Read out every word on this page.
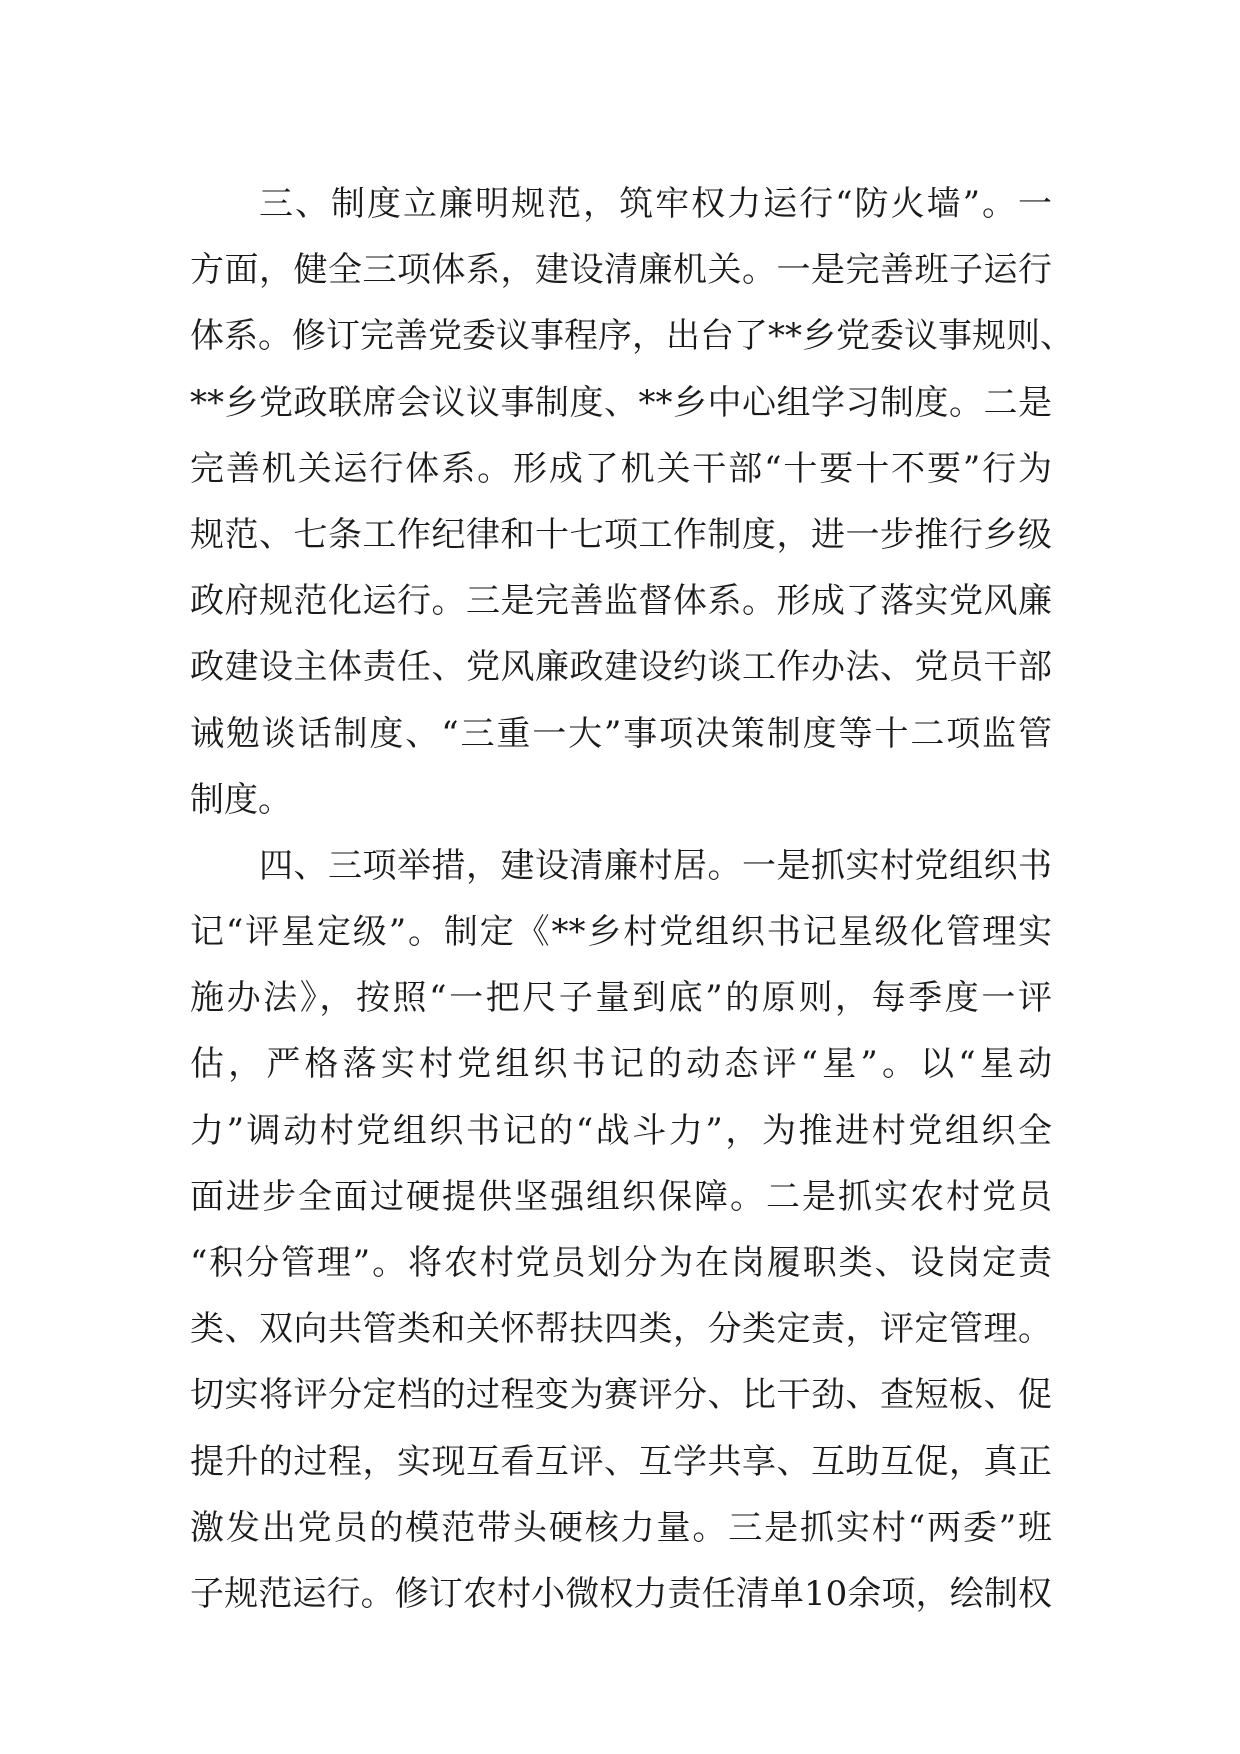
三、制度立廉明规范，筑牢权力运行“防火墙”。一
方面，健全三项体系，建设清廉机关。一是完善班子运行
体系。修订完善党委议事程序，出台了**乡党委议事规则、
**乡党政联席会议议事制度、**乡中心组学习制度。二是
完善机关运行体系。形成了机关干部“十要十不要”行为
规范、七条工作纪律和十七项工作制度，进一步推行乡级
政府规范化运行。三是完善监督体系。形成了落实党风廉
政建设主体责任、党风廉政建设约谈工作办法、党员干部
诫勉谈话制度、“三重一大”事项决策制度等十二项监管
制度。
四、三项举措，建设清廉村居。一是抓实村党组织书
记“评星定级”。制定《**乡村党组织书记星级化管理实
施办法》，按照“一把尺子量到底”的原则，每季度一评
估，严格落实村党组织书记的动态评“星”。以“星动
力”调动村党组织书记的“战斗力”，为推进村党组织全
面进步全面过硬提供坚强组织保障。二是抓实农村党员
“积分管理”。将农村党员划分为在岗履职类、设岗定责
类、双向共管类和关怀帮扶四类，分类定责，评定管理。
切实将评分定档的过程变为赛评分、比干劲、查短板、促
提升的过程，实现互看互评、互学共享、互助互促，真正
激发出党员的模范带头硬核力量。三是抓实村“两委”班
子规范运行。修订农村小微权力责任清单10余项，绘制权
